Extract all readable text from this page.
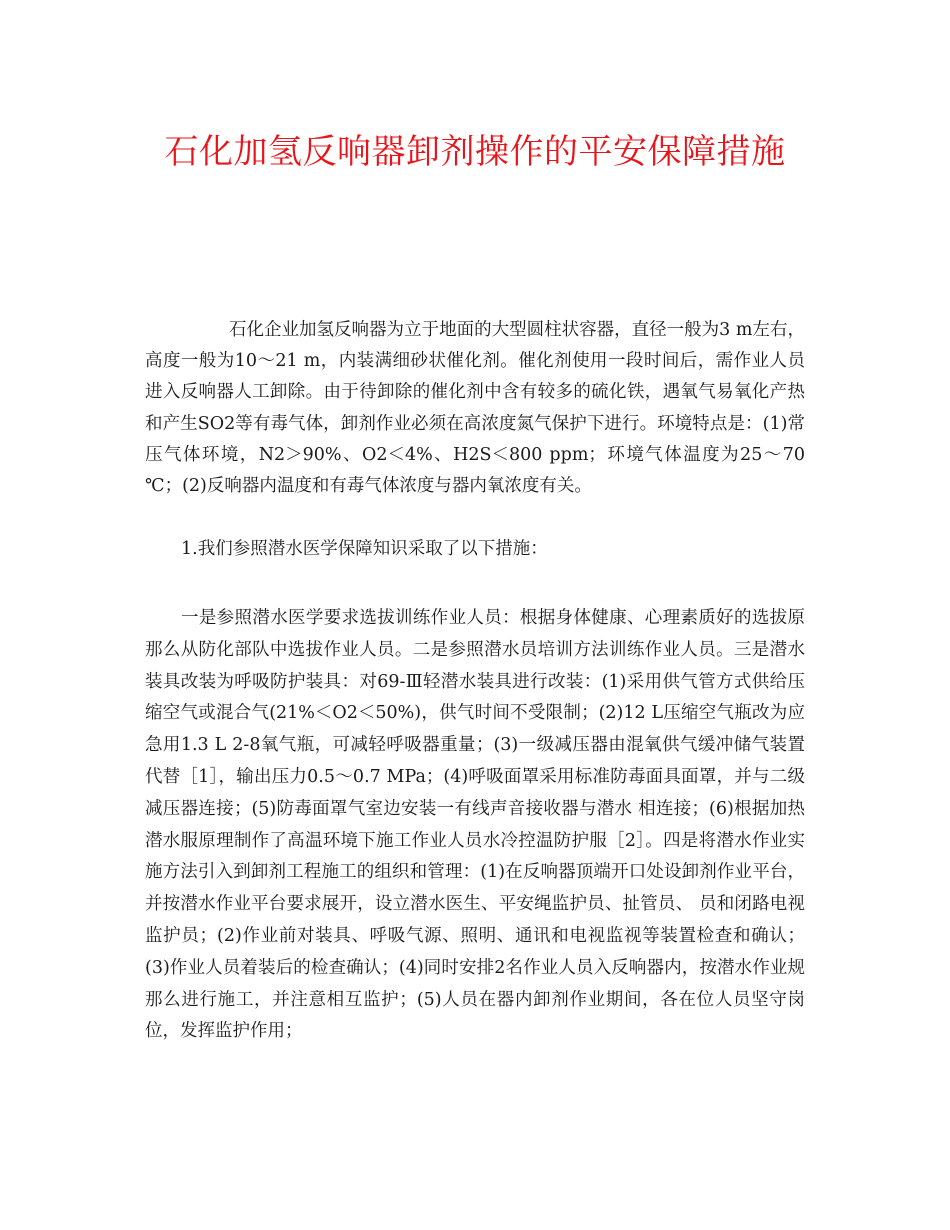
石化加氢反响器卸剂操作的平安保障措施

石化企业加氢反响器为立于地面的大型圆柱状容器，直径一般为3 m左右，高度一般为10～21 m，内装满细砂状催化剂。催化剂使用一段时间后，需作业人员进入反响器人工卸除。由于待卸除的催化剂中含有较多的硫化铁，遇氧气易氧化产热和产生SO2等有毒气体，卸剂作业必须在高浓度氮气保护下进行。环境特点是：(1)常压气体环境，N2＞90%、O2＜4%、H2S＜800 ppm；环境气体温度为25～70 ℃；(2)反响器内温度和有毒气体浓度与器内氧浓度有关。

1.我们参照潜水医学保障知识采取了以下措施：

一是参照潜水医学要求选拔训练作业人员：根据身体健康、心理素质好的选拔原那么从防化部队中选拔作业人员。二是参照潜水员培训方法训练作业人员。三是潜水装具改装为呼吸防护装具：对69-Ⅲ轻潜水装具进行改装：(1)采用供气管方式供给压缩空气或混合气(21%＜O2＜50%)，供气时间不受限制；(2)12 L压缩空气瓶改为应急用1.3 L 2-8氧气瓶，可减轻呼吸器重量；(3)一级减压器由混氧供气缓冲储气装置代替［1］，输出压力0.5～0.7 MPa；(4)呼吸面罩采用标准防毒面具面罩，并与二级减压器连接；(5)防毒面罩气室边安装一有线声音接收器与潜水 相连接；(6)根据加热潜水服原理制作了高温环境下施工作业人员水冷控温防护服［2］。四是将潜水作业实施方法引入到卸剂工程施工的组织和管理：(1)在反响器顶端开口处设卸剂作业平台，并按潜水作业平台要求展开，设立潜水医生、平安绳监护员、扯管员、 员和闭路电视监护员；(2)作业前对装具、呼吸气源、照明、通讯和电视监视等装置检查和确认；(3)作业人员着装后的检查确认；(4)同时安排2名作业人员入反响器内，按潜水作业规那么进行施工，并注意相互监护；(5)人员在器内卸剂作业期间，各在位人员坚守岗位，发挥监护作用；
